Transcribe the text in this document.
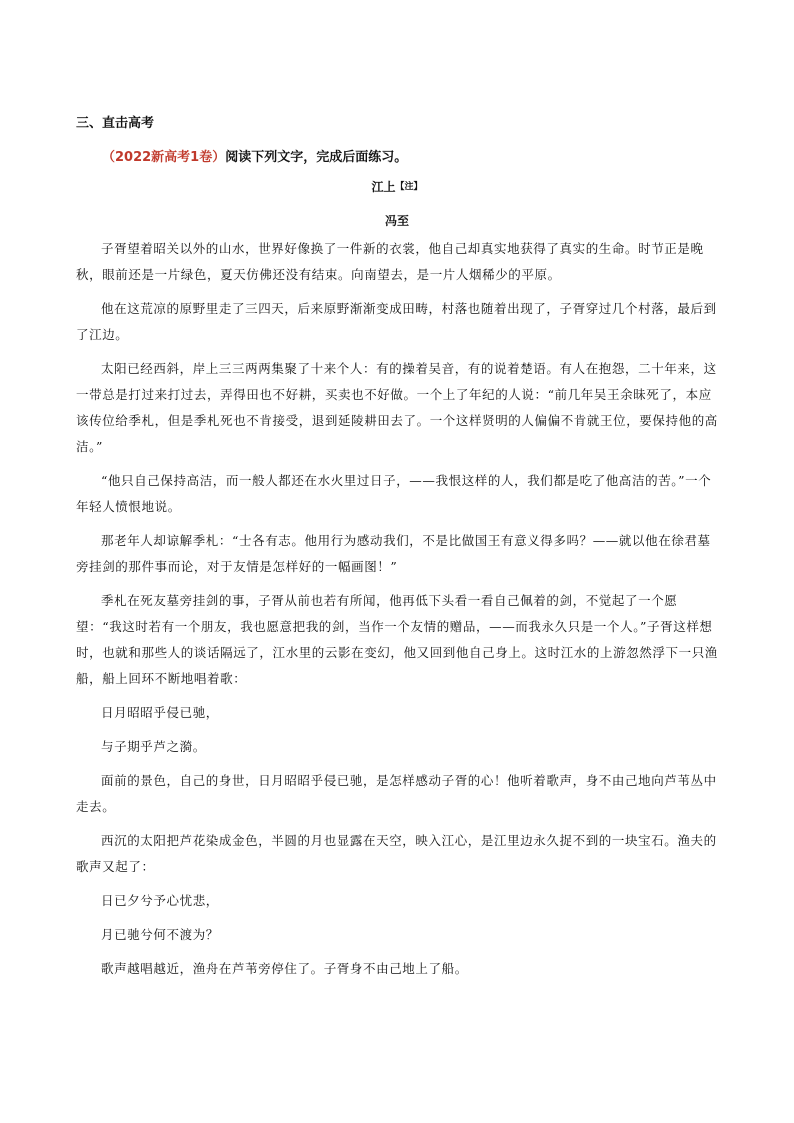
三、直击高考

（2022新高考1卷）阅读下列文字，完成后面练习。

江上【注】

冯至

子胥望着昭关以外的山水，世界好像换了一件新的衣裳，他自己却真实地获得了真实的生命。时节正是晚秋，眼前还是一片绿色，夏天仿佛还没有结束。向南望去，是一片人烟稀少的平原。

他在这荒凉的原野里走了三四天，后来原野渐渐变成田畴，村落也随着出现了，子胥穿过几个村落，最后到了江边。

太阳已经西斜，岸上三三两两集聚了十来个人：有的操着吴音，有的说着楚语。有人在抱怨，二十年来，这一带总是打过来打过去，弄得田也不好耕，买卖也不好做。一个上了年纪的人说：“前几年吴王余昧死了，本应该传位给季札，但是季札死也不肯接受，退到延陵耕田去了。一个这样贤明的人偏偏不肯就王位，要保持他的高洁。”

“他只自己保持高洁，而一般人都还在水火里过日子，——我恨这样的人，我们都是吃了他高洁的苦。”一个年轻人愤恨地说。

那老年人却谅解季札：“士各有志。他用行为感动我们，不是比做国王有意义得多吗？——就以他在徐君墓旁挂剑的那件事而论，对于友情是怎样好的一幅画图！”

季札在死友墓旁挂剑的事，子胥从前也若有所闻，他再低下头看一看自己佩着的剑，不觉起了一个愿望：“我这时若有一个朋友，我也愿意把我的剑，当作一个友情的赠品，——而我永久只是一个人。”子胥这样想时，也就和那些人的谈话隔远了，江水里的云影在变幻，他又回到他自己身上。这时江水的上游忽然浮下一只渔船，船上回环不断地唱着歌：

日月昭昭乎侵已驰，

与子期乎芦之漪。

面前的景色，自己的身世，日月昭昭乎侵已驰，是怎样感动子胥的心！他听着歌声，身不由己地向芦苇丛中走去。

西沉的太阳把芦花染成金色，半圆的月也显露在天空，映入江心，是江里边永久捉不到的一块宝石。渔夫的歌声又起了：

日已夕兮予心忧悲，

月已驰兮何不渡为？

歌声越唱越近，渔舟在芦苇旁停住了。子胥身不由己地上了船。
